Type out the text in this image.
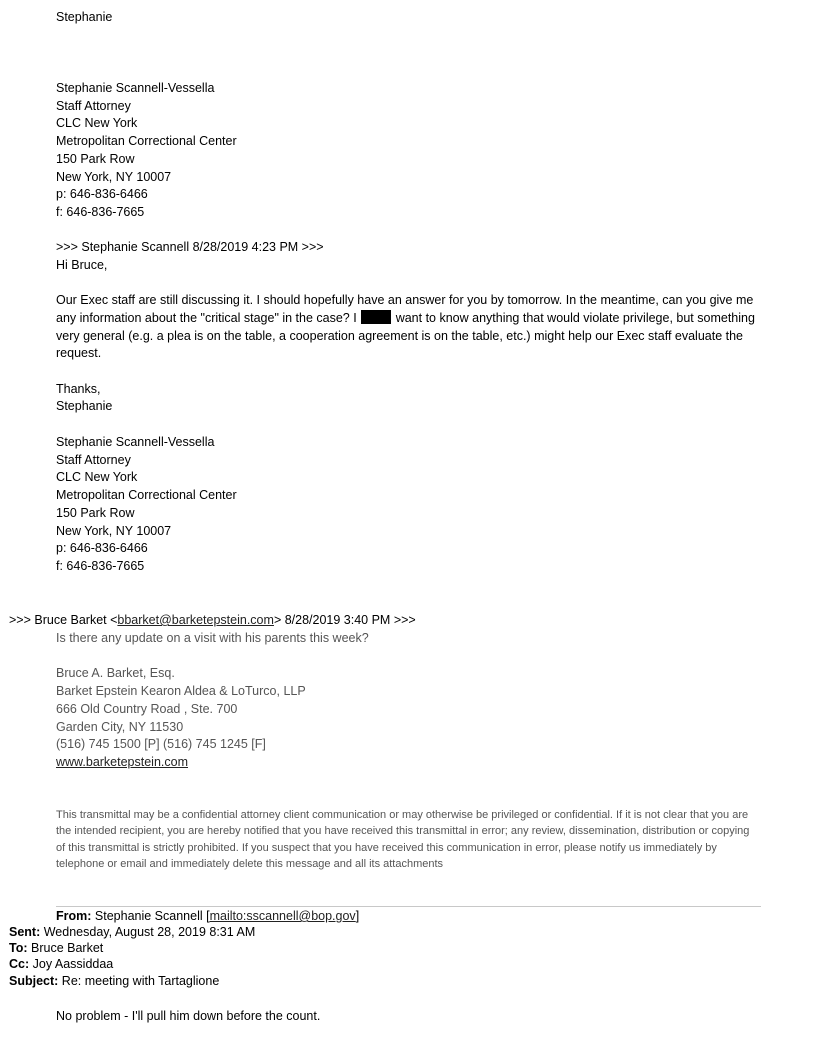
Stephanie
Stephanie Scannell-Vessella
Staff Attorney
CLC New York
Metropolitan Correctional Center
150 Park Row
New York, NY 10007
p: 646-836-6466
f: 646-836-7665
>>> Stephanie Scannell 8/28/2019 4:23 PM >>>
Hi Bruce,
Our Exec staff are still discussing it. I should hopefully have an answer for you by tomorrow. In the meantime, can you give me any information about the "critical stage" in the case? I	want to know anything that would violate privilege, but something very general (e.g. a plea is on the table, a cooperation agreement is on the table, etc.) might help our Exec staff evaluate the request.
Thanks,
Stephanie
Stephanie Scannell-Vessella
Staff Attorney
CLC New York
Metropolitan Correctional Center
150 Park Row
New York, NY 10007
p: 646-836-6466
f: 646-836-7665
>>> Bruce Barket <bbarket@barketepstein.com> 8/28/2019 3:40 PM >>>
Is there any update on a visit with his parents this week?
Bruce A. Barket, Esq.
Barket Epstein Kearon Aldea & LoTurco, LLP
666 Old Country Road , Ste. 700
Garden City, NY 11530
(516) 745 1500 [P] (516) 745 1245 [F]
www.barketepstein.com
This transmittal may be a confidential attorney client communication or may otherwise be privileged or confidential. If it is not clear that you are the intended recipient, you are hereby notified that you have received this transmittal in error; any review, dissemination, distribution or copying of this transmittal is strictly prohibited. If you suspect that you have received this communication in error, please notify us immediately by telephone or email and immediately delete this message and all its attachments
From: Stephanie Scannell [mailto:sscannell@bop.gov]
Sent: Wednesday, August 28, 2019 8:31 AM
To: Bruce Barket
Cc: Joy Aassiddaa
Subject: Re: meeting with Tartaglione
No problem - I'll pull him down before the count.
